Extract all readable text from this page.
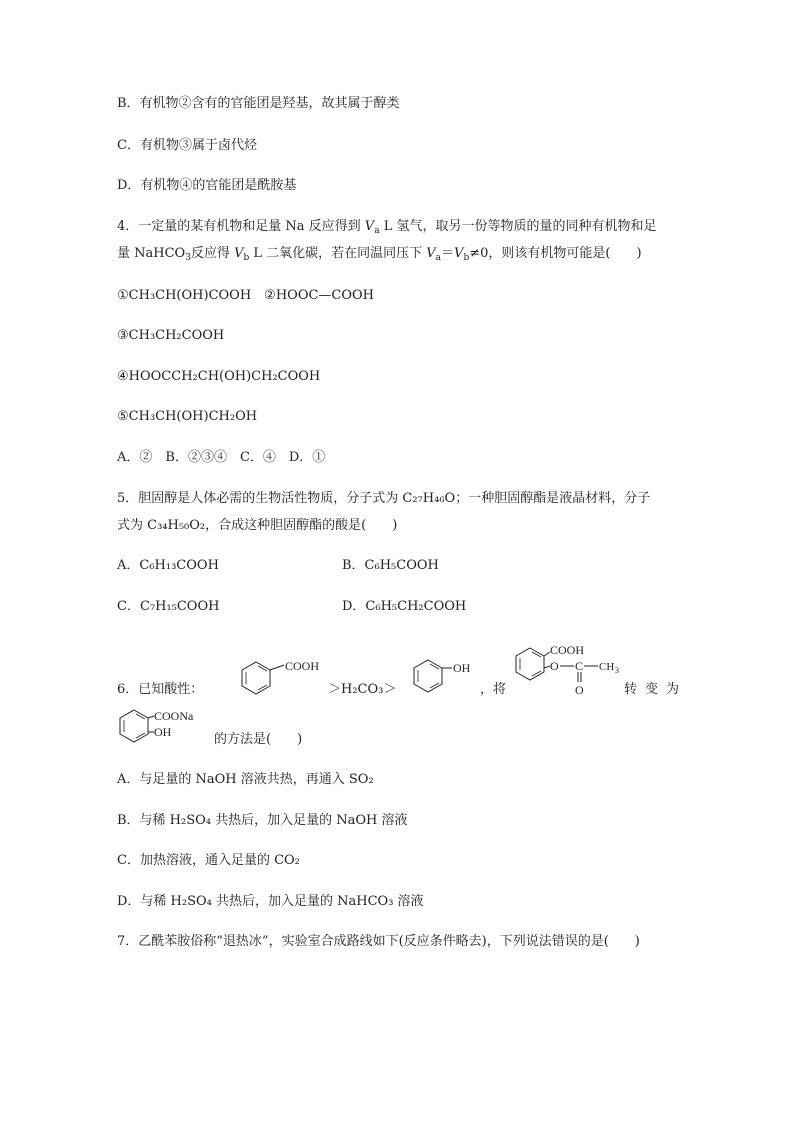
B．有机物②含有的官能团是羟基，故其属于醇类
C．有机物③属于卤代烃
D．有机物④的官能团是酰胺基
4．一定量的某有机物和足量 Na 反应得到 $V_a$ L 氢气，取另一份等物质的量的同种有机物和足
量 NaHCO$_3$反应得 $V_b$ L 二氧化碳，若在同温同压下 $V_a=V_b\ne 0$，则该有机物可能是(　　)
①CH₃CH(OH)COOH　②HOOC—COOH
③CH₃CH₂COOH
④HOOCCH₂CH(OH)CH₂COOH
⑤CH₃CH(OH)CH₂OH
A．②　B．②③④　C．④　D．①
5．胆固醇是人体必需的生物活性物质，分子式为 C₂₇H₄₆O；一种胆固醇酯是液晶材料，分子
式为 C₃₄H₅₀O₂，合成这种胆固醇酯的酸是(　　)
A．C₆H₁₃COOH	B．C₆H₅COOH
C．C₇H₁₅COOH	D．C₆H₅CH₂COOH
6．已知酸性：
COOH
＞H₂CO₃＞
OH
，将
COOH
O C CH 3
O	转变为
COONa
OH	的方法是(　　)
A．与足量的 NaOH 溶液共热，再通入 SO₂
B．与稀 H₂SO₄ 共热后，加入足量的 NaOH 溶液
C．加热溶液，通入足量的 CO₂
D．与稀 H₂SO₄ 共热后，加入足量的 NaHCO₃ 溶液
7．乙酰苯胺俗称“退热冰”，实验室合成路线如下(反应条件略去)，下列说法错误的是(　　)
